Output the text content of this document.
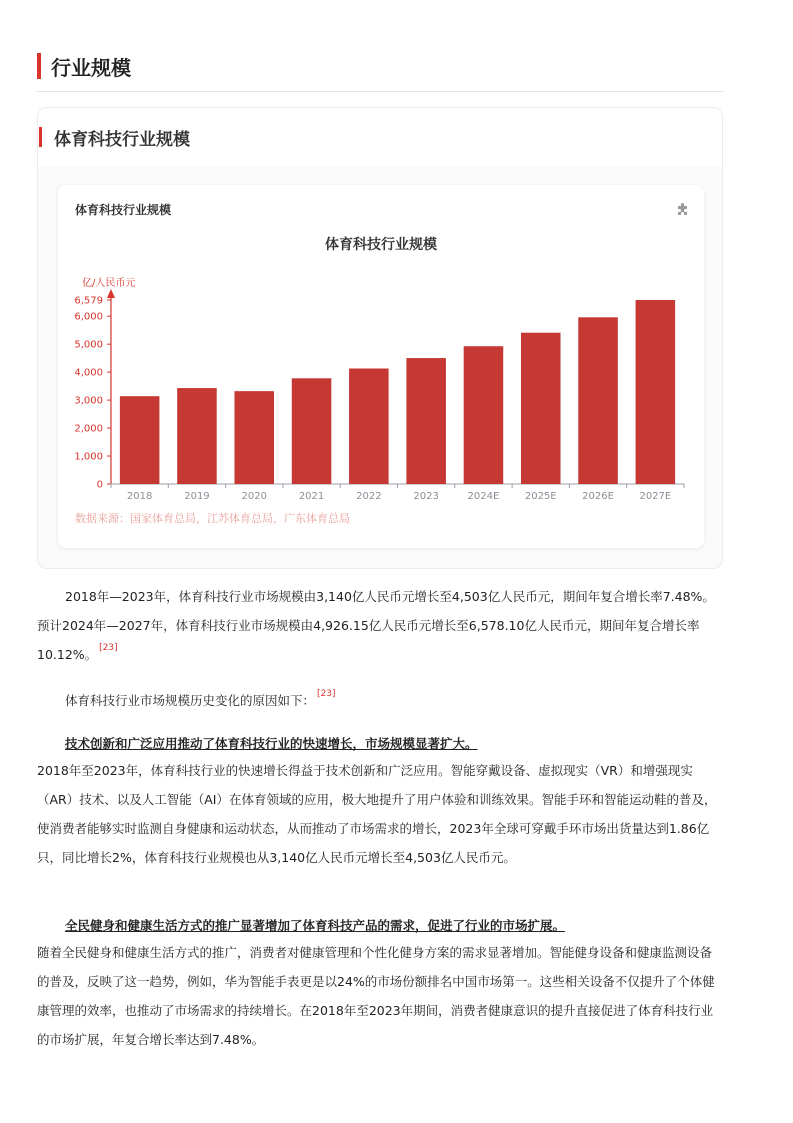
行业规模
体育科技行业规模
体育科技行业规模
亿/人民币元
0
1,000
2,000
3,000
4,000
5,000
6,000
6,579
2018	2019	2020	2021	2022	2023	2024E	2025E	2026E	2027E
数据来源：国家体育总局，江苏体育总局，广东体育总局
体育科技行业规模
2018年—2023年，体育科技行业市场规模由3,140亿人民币元增长至4,503亿人民币元，期间年复合增长率7.48%。预计2024年—2027年，体育科技行业市场规模由4,926.15亿人民币元增长至6,578.10亿人民币元，期间年复合增长率10.12%。 [23]
体育科技行业市场规模历史变化的原因如下： [23]
技术创新和广泛应用推动了体育科技行业的快速增长，市场规模显著扩大。
2018年至2023年，体育科技行业的快速增长得益于技术创新和广泛应用。智能穿戴设备、虚拟现实（VR）和增强现实（AR）技术、以及人工智能（AI）在体育领域的应用，极大地提升了用户体验和训练效果。智能手环和智能运动鞋的普及，使消费者能够实时监测自身健康和运动状态，从而推动了市场需求的增长，2023年全球可穿戴手环市场出货量达到1.86亿只，同比增长2%，体育科技行业规模也从3,140亿人民币元增长至4,503亿人民币元。
全民健身和健康生活方式的推广显著增加了体育科技产品的需求，促进了行业的市场扩展。
随着全民健身和健康生活方式的推广，消费者对健康管理和个性化健身方案的需求显著增加。智能健身设备和健康监测设备的普及，反映了这一趋势，例如，华为智能手表更是以24%的市场份额排名中国市场第一。这些相关设备不仅提升了个体健康管理的效率，也推动了市场需求的持续增长。在2018年至2023年期间，消费者健康意识的提升直接促进了体育科技行业的市场扩展，年复合增长率达到7.48%。
